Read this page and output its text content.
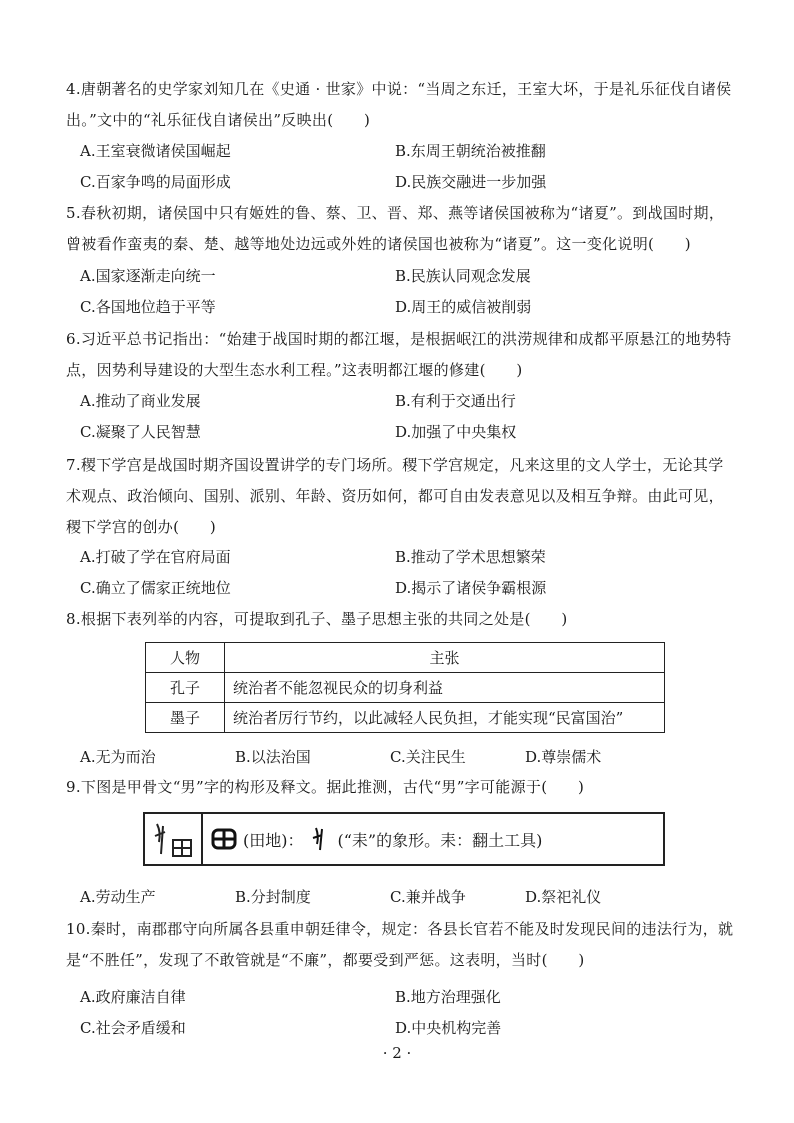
4.唐朝著名的史学家刘知几在《史通 · 世家》中说：“当周之东迁，王室大坏，于是礼乐征伐自诸侯出。”文中的“礼乐征伐自诸侯出”反映出(　　)
A.王室衰微诸侯国崛起	B.东周王朝统治被推翻
C.百家争鸣的局面形成	D.民族交融进一步加强
5.春秋初期，诸侯国中只有姬姓的鲁、蔡、卫、晋、郑、燕等诸侯国被称为“诸夏”。到战国时期，曾被看作蛮夷的秦、楚、越等地处边远或外姓的诸侯国也被称为“诸夏”。这一变化说明(　　)
A.国家逐渐走向统一	B.民族认同观念发展
C.各国地位趋于平等	D.周王的威信被削弱
6.习近平总书记指出：“始建于战国时期的都江堰，是根据岷江的洪涝规律和成都平原悬江的地势特点，因势利导建设的大型生态水利工程。”这表明都江堰的修建(　　)
A.推动了商业发展	B.有利于交通出行
C.凝聚了人民智慧	D.加强了中央集权
7.稷下学宫是战国时期齐国设置讲学的专门场所。稷下学宫规定，凡来这里的文人学士，无论其学术观点、政治倾向、国别、派别、年龄、资历如何，都可自由发表意见以及相互争辩。由此可见，稷下学宫的创办(　　)
A.打破了学在官府局面	B.推动了学术思想繁荣
C.确立了儒家正统地位	D.揭示了诸侯争霸根源
8.根据下表列举的内容，可提取到孔子、墨子思想主张的共同之处是(　　)
人物	主张
孔子	统治者不能忽视民众的切身利益
墨子	统治者厉行节约，以此减轻人民负担，才能实现“民富国治”
A.无为而治	B.以法治国	C.关注民生	D.尊崇儒术
9.下图是甲骨文“男”字的构形及释文。据此推测，古代“男”字可能源于(　　)
(田地)： (“耒”的象形。耒：翻土工具)
A.劳动生产	B.分封制度	C.兼并战争	D.祭祀礼仪
10.秦时，南郡郡守向所属各县重申朝廷律令，规定：各县长官若不能及时发现民间的违法行为，就是“不胜任”，发现了不敢管就是“不廉”，都要受到严惩。这表明，当时(　　)
A.政府廉洁自律	B.地方治理强化
C.社会矛盾缓和	D.中央机构完善
· 2 ·
